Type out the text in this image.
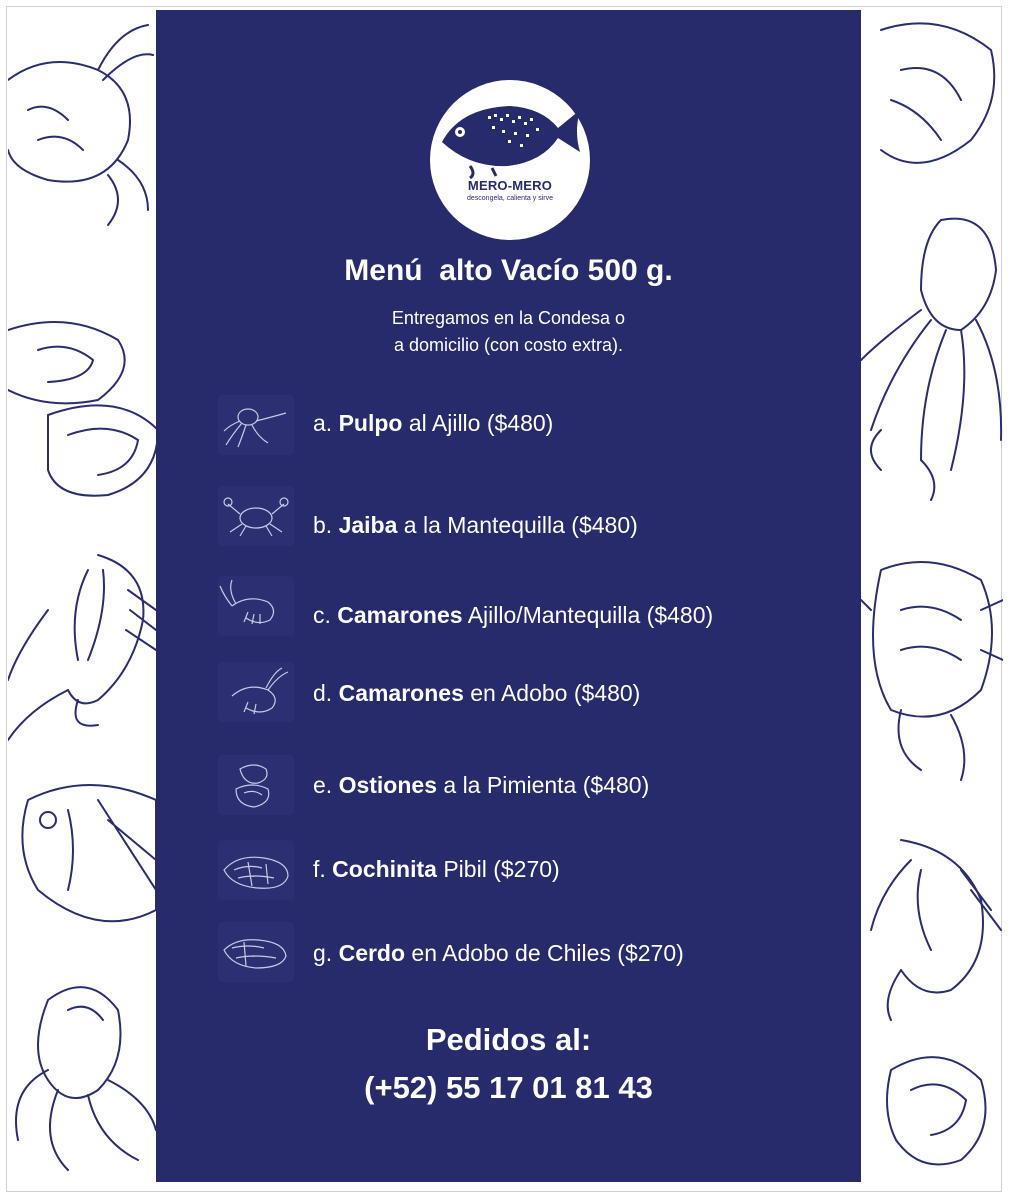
MERO-MERO
descongela, calienta y sirve
Menú  alto Vacío 500 g.
Entregamos en la Condesa o
a domicilio (con costo extra).
a. Pulpo al Ajillo ($480)
b. Jaiba a la Mantequilla ($480)
c. Camarones Ajillo/Mantequilla ($480)
d. Camarones en Adobo ($480)
e. Ostiones a la Pimienta ($480)
f. Cochinita Pibil ($270)
g. Cerdo en Adobo de Chiles ($270)
Pedidos al:
(+52) 55 17 01 81 43
